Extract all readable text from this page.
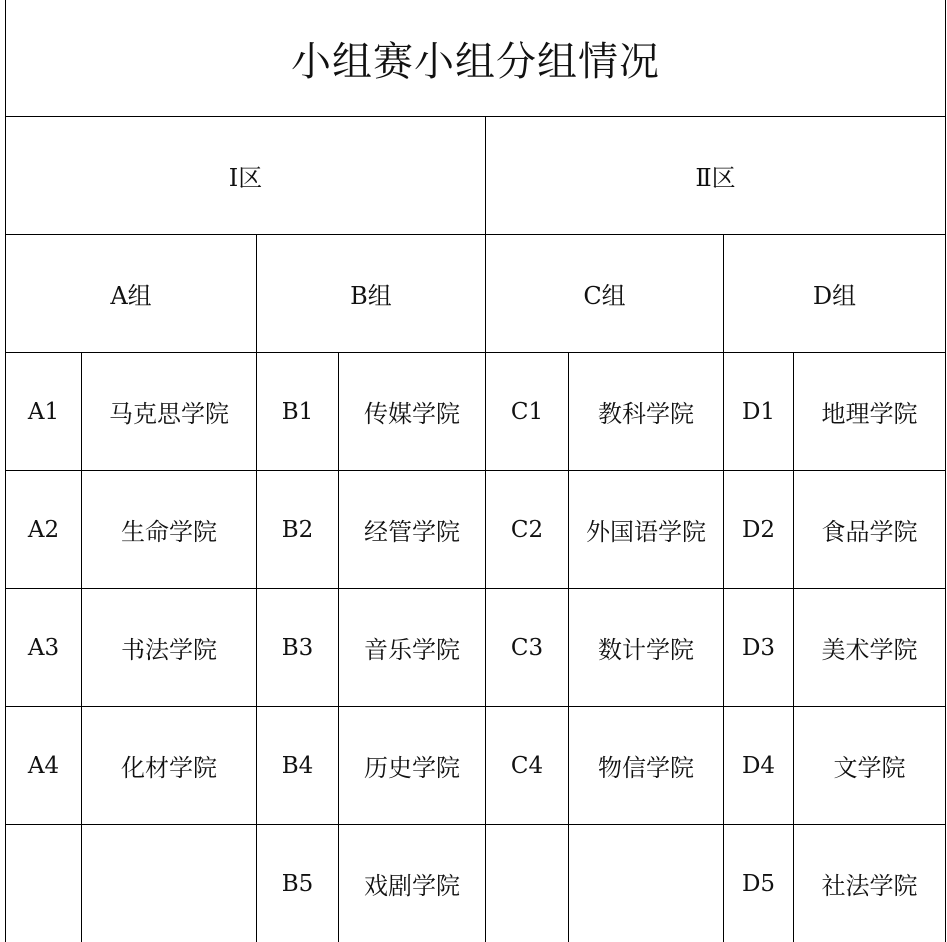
小组赛小组分组情况							
I区				Ⅱ区			
A组		B组		C组		D组	
A1	马克思学院	B1	传媒学院	C1	教科学院	D1	地理学院
A2	生命学院	B2	经管学院	C2	外国语学院	D2	食品学院
A3	书法学院	B3	音乐学院	C3	数计学院	D3	美术学院
A4	化材学院	B4	历史学院	C4	物信学院	D4	文学院
		B5	戏剧学院			D5	社法学院
